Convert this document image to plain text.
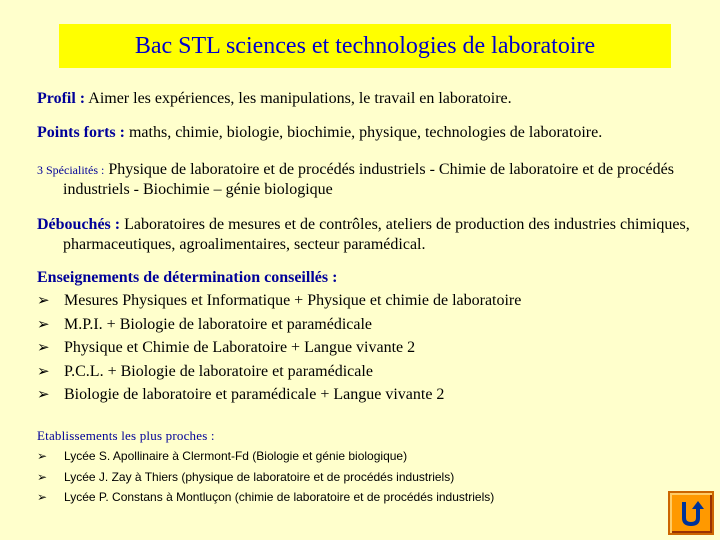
Bac STL sciences et technologies de laboratoire
Profil : Aimer les expériences, les manipulations, le travail en laboratoire.
Points forts : maths, chimie, biologie, biochimie, physique, technologies de laboratoire.
3 Spécialités : Physique de laboratoire et de procédés industriels - Chimie de laboratoire et de procédés industriels - Biochimie – génie biologique
Débouchés : Laboratoires de mesures et de contrôles, ateliers de production des industries chimiques, pharmaceutiques, agroalimentaires, secteur paramédical.
Enseignements de détermination conseillés :
➢ Mesures Physiques et Informatique + Physique et chimie de laboratoire
➢ M.P.I. + Biologie de laboratoire et paramédicale
➢ Physique et Chimie de Laboratoire + Langue vivante 2
➢ P.C.L. + Biologie de laboratoire et paramédicale
➢ Biologie de laboratoire et paramédicale + Langue vivante 2
Etablissements les plus proches :
➢	Lycée S. Apollinaire à Clermont-Fd (Biologie et génie biologique)
➢	Lycée J. Zay à Thiers (physique de laboratoire et de procédés industriels)
➢	Lycée P. Constans à Montluçon (chimie de laboratoire et de procédés industriels)
